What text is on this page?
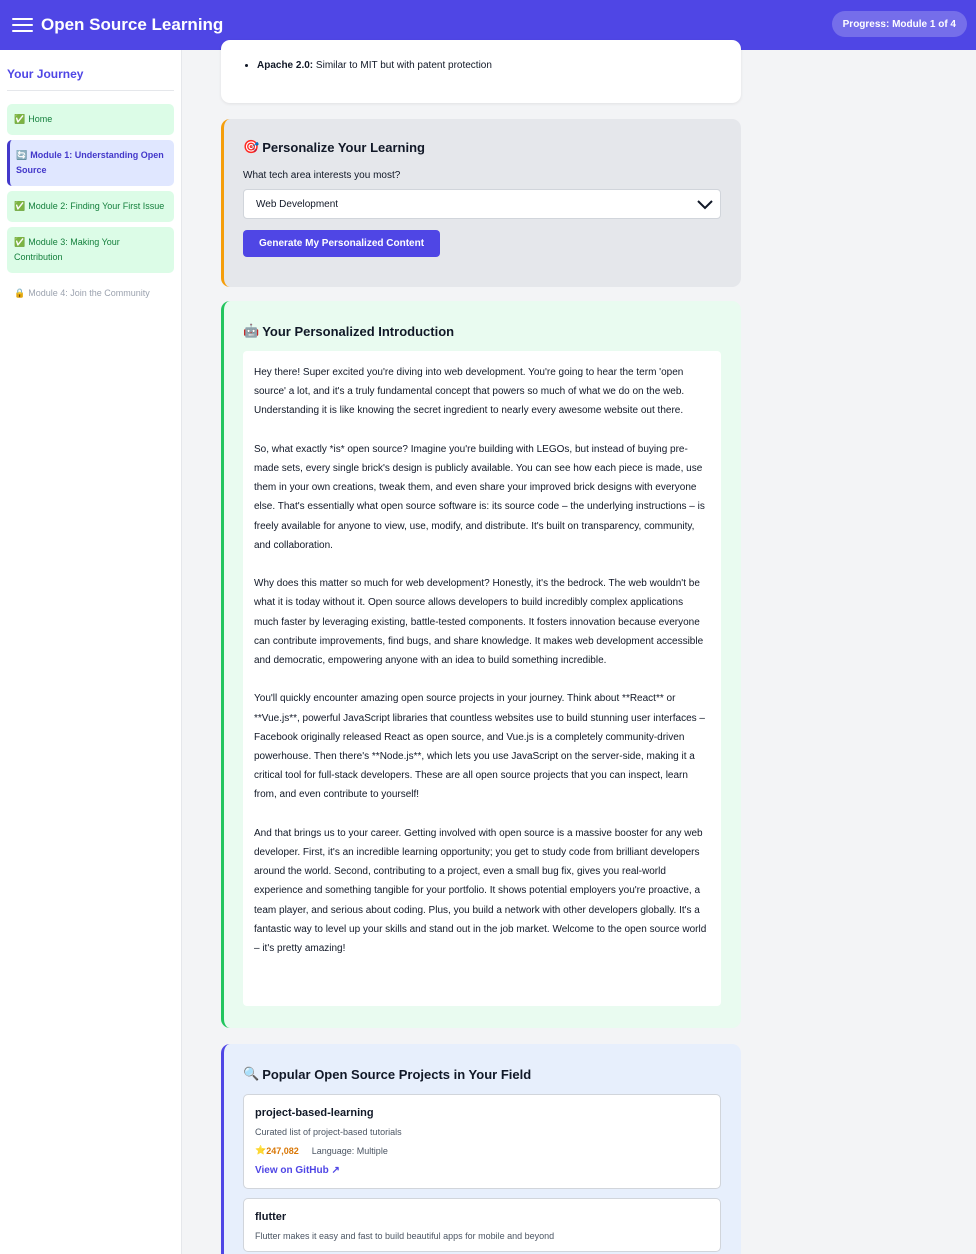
Open Source Learning	Progress: Module 1 of 4
Your Journey
✅ Home
🔄 Module 1: Understanding Open Source
✅ Module 2: Finding Your First Issue
✅ Module 3: Making Your Contribution
🔒 Module 4: Join the Community
• Apache 2.0: Similar to MIT but with patent protection
🎯 Personalize Your Learning
What tech area interests you most?
Web Development
Generate My Personalized Content
🤖 Your Personalized Introduction

Hey there! Super excited you're diving into web development. You're going to hear the term 'open source' a lot, and it's a truly fundamental concept that powers so much of what we do on the web. Understanding it is like knowing the secret ingredient to nearly every awesome website out there.

So, what exactly *is* open source? Imagine you're building with LEGOs, but instead of buying pre-made sets, every single brick's design is publicly available. You can see how each piece is made, use them in your own creations, tweak them, and even share your improved brick designs with everyone else. That's essentially what open source software is: its source code – the underlying instructions – is freely available for anyone to view, use, modify, and distribute. It's built on transparency, community, and collaboration.

Why does this matter so much for web development? Honestly, it's the bedrock. The web wouldn't be what it is today without it. Open source allows developers to build incredibly complex applications much faster by leveraging existing, battle-tested components. It fosters innovation because everyone can contribute improvements, find bugs, and share knowledge. It makes web development accessible and democratic, empowering anyone with an idea to build something incredible.

You'll quickly encounter amazing open source projects in your journey. Think about **React** or **Vue.js**, powerful JavaScript libraries that countless websites use to build stunning user interfaces – Facebook originally released React as open source, and Vue.js is a completely community-driven powerhouse. Then there's **Node.js**, which lets you use JavaScript on the server-side, making it a critical tool for full-stack developers. These are all open source projects that you can inspect, learn from, and even contribute to yourself!

And that brings us to your career. Getting involved with open source is a massive booster for any web developer. First, it's an incredible learning opportunity; you get to study code from brilliant developers around the world. Second, contributing to a project, even a small bug fix, gives you real-world experience and something tangible for your portfolio. It shows potential employers you're proactive, a team player, and serious about coding. Plus, you build a network with other developers globally. It's a fantastic way to level up your skills and stand out in the job market. Welcome to the open source world – it's pretty amazing!

🔍 Popular Open Source Projects in Your Field
project-based-learning
Curated list of project-based tutorials
⭐ 247,082 Language: Multiple
View on GitHub ↗
flutter
Flutter makes it easy and fast to build beautiful apps for mobile and beyond
